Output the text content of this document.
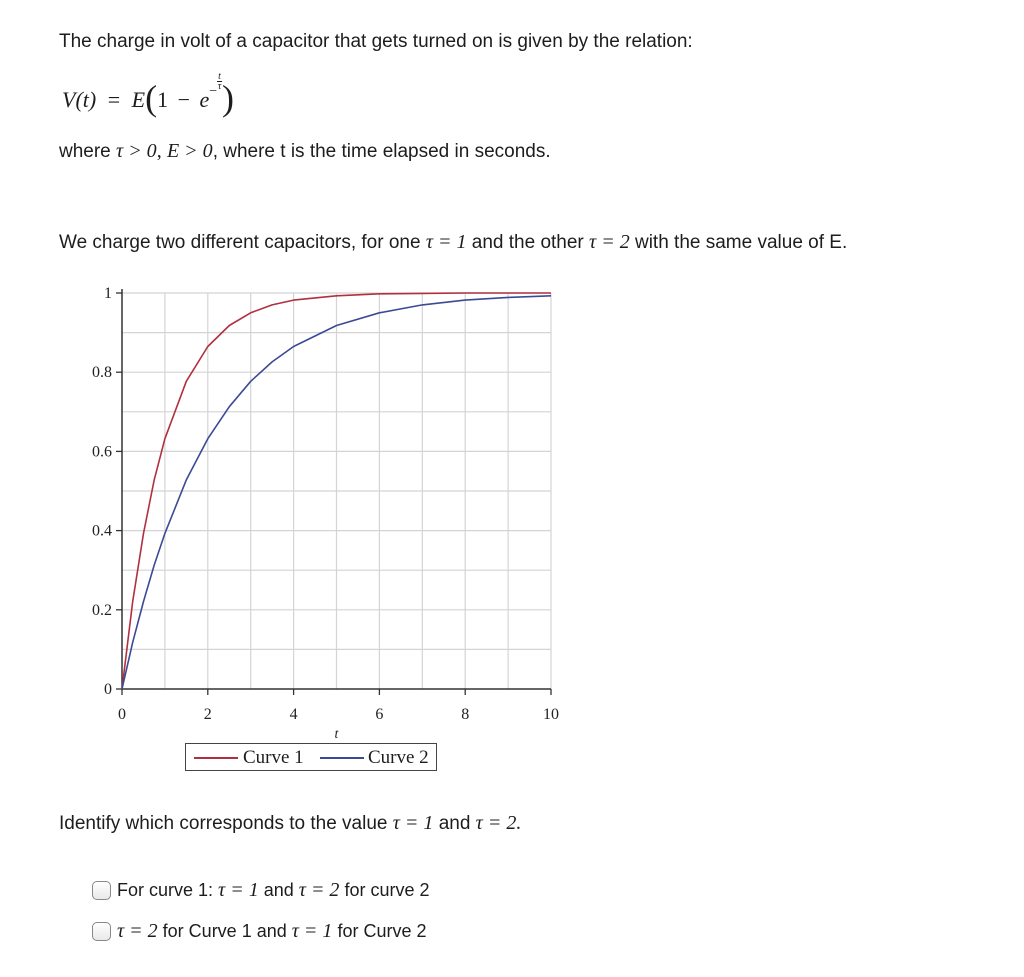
The charge in volt of a capacitor that gets turned on is given by the relation:
$V(t) = E(1 - e^{- \frac{t}{\tau}}$ )
where τ > 0, E > 0, where t is the time elapsed in seconds.
We charge two different capacitors, for one τ = 1 and the other τ = 2 with the same value of E.
0	2	4	6	8	10
0
0.2
0.4
0.6
0.8
1
t
Curve 1	Curve 2
Identify which corresponds to the value τ = 1 and τ = 2.
For curve 1:
τ = 1
and
τ = 2
for curve 2
τ = 2
for Curve 1 and
τ = 1
for Curve 2
